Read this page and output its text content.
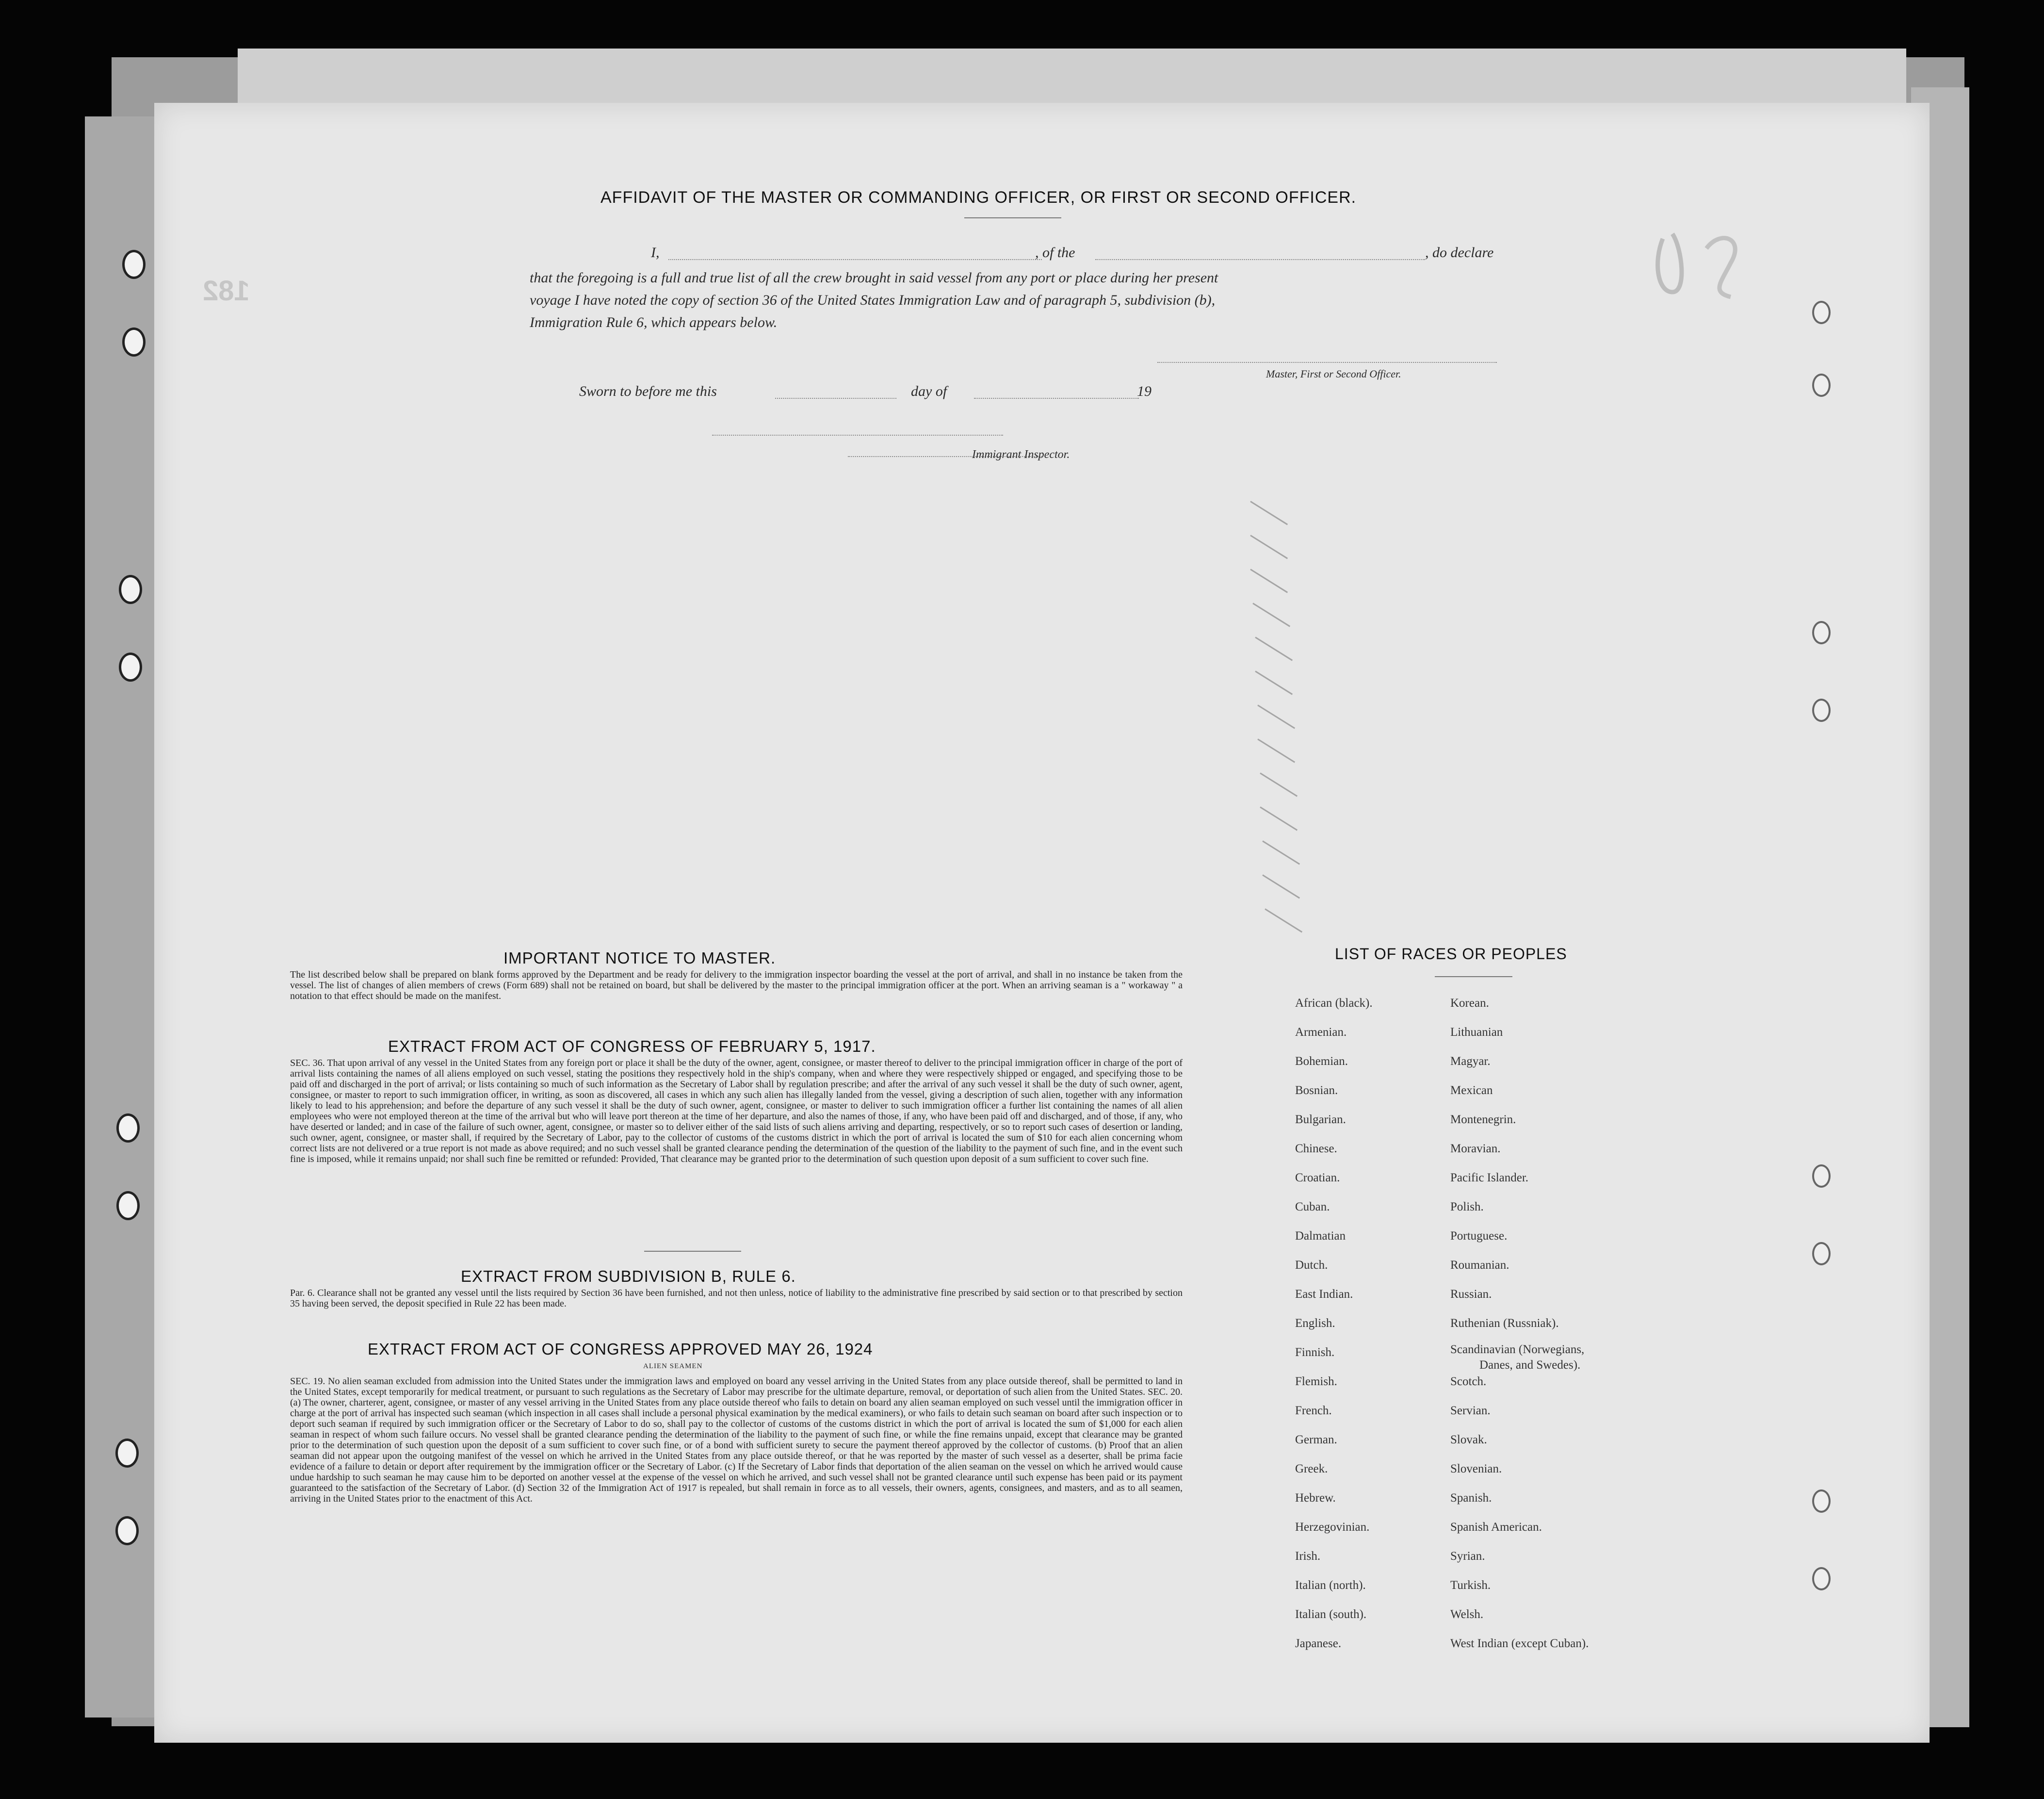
182
AFFIDAVIT OF THE MASTER OR COMMANDING OFFICER, OR FIRST OR SECOND OFFICER.
I,	, of the	, do declare
that the foregoing is a full and true list of all the crew brought in said vessel from any port or place during her present
voyage I have noted the copy of section 36 of the United States Immigration Law and of paragraph 5, subdivision (b),
Immigration Rule 6, which appears below.
Master, First or Second Officer.
Sworn to before me this	day of	19
Immigrant Inspector.
IMPORTANT NOTICE TO MASTER.
The list described below shall be prepared on blank forms approved by the Department and be ready for delivery to the immigration inspector boarding the vessel at the port of arrival, and shall in no instance be taken from the vessel. The list of changes of alien members of crews (Form 689) shall not be retained on board, but shall be delivered by the master to the principal immigration officer at the port. When an arriving seaman is a " workaway " a notation to that effect should be made on the manifest.
EXTRACT FROM ACT OF CONGRESS OF FEBRUARY 5, 1917.
SEC. 36. That upon arrival of any vessel in the United States from any foreign port or place it shall be the duty of the owner, agent, consignee, or master thereof to deliver to the principal immigration officer in charge of the port of arrival lists containing the names of all aliens employed on such vessel, stating the positions they respectively hold in the ship's company, when and where they were respectively shipped or engaged, and specifying those to be paid off and discharged in the port of arrival; or lists containing so much of such information as the Secretary of Labor shall by regulation prescribe; and after the arrival of any such vessel it shall be the duty of such owner, agent, consignee, or master to report to such immigration officer, in writing, as soon as discovered, all cases in which any such alien has illegally landed from the vessel, giving a description of such alien, together with any information likely to lead to his apprehension; and before the departure of any such vessel it shall be the duty of such owner, agent, consignee, or master to deliver to such immigration officer a further list containing the names of all alien employees who were not employed thereon at the time of the arrival but who will leave port thereon at the time of her departure, and also the names of those, if any, who have been paid off and discharged, and of those, if any, who have deserted or landed; and in case of the failure of such owner, agent, consignee, or master so to deliver either of the said lists of such aliens arriving and departing, respectively, or so to report such cases of desertion or landing, such owner, agent, consignee, or master shall, if required by the Secretary of Labor, pay to the collector of customs of the customs district in which the port of arrival is located the sum of $10 for each alien concerning whom correct lists are not delivered or a true report is not made as above required; and no such vessel shall be granted clearance pending the determination of the question of the liability to the payment of such fine, and in the event such fine is imposed, while it remains unpaid; nor shall such fine be remitted or refunded: Provided, That clearance may be granted prior to the determination of such question upon deposit of a sum sufficient to cover such fine.
EXTRACT FROM SUBDIVISION B, RULE 6.
Par. 6. Clearance shall not be granted any vessel until the lists required by Section 36 have been furnished, and not then unless, notice of liability to the administrative fine prescribed by said section or to that prescribed by section 35 having been served, the deposit specified in Rule 22 has been made.
EXTRACT FROM ACT OF CONGRESS APPROVED MAY 26, 1924
ALIEN SEAMEN
SEC. 19. No alien seaman excluded from admission into the United States under the immigration laws and employed on board any vessel arriving in the United States from any place outside thereof, shall be permitted to land in the United States, except temporarily for medical treatment, or pursuant to such regulations as the Secretary of Labor may prescribe for the ultimate departure, removal, or deportation of such alien from the United States. SEC. 20. (a) The owner, charterer, agent, consignee, or master of any vessel arriving in the United States from any place outside thereof who fails to detain on board any alien seaman employed on such vessel until the immigration officer in charge at the port of arrival has inspected such seaman (which inspection in all cases shall include a personal physical examination by the medical examiners), or who fails to detain such seaman on board after such inspection or to deport such seaman if required by such immigration officer or the Secretary of Labor to do so, shall pay to the collector of customs of the customs district in which the port of arrival is located the sum of $1,000 for each alien seaman in respect of whom such failure occurs. No vessel shall be granted clearance pending the determination of the liability to the payment of such fine, or while the fine remains unpaid, except that clearance may be granted prior to the determination of such question upon the deposit of a sum sufficient to cover such fine, or of a bond with sufficient surety to secure the payment thereof approved by the collector of customs. (b) Proof that an alien seaman did not appear upon the outgoing manifest of the vessel on which he arrived in the United States from any place outside thereof, or that he was reported by the master of such vessel as a deserter, shall be prima facie evidence of a failure to detain or deport after requirement by the immigration officer or the Secretary of Labor. (c) If the Secretary of Labor finds that deportation of the alien seaman on the vessel on which he arrived would cause undue hardship to such seaman he may cause him to be deported on another vessel at the expense of the vessel on which he arrived, and such vessel shall not be granted clearance until such expense has been paid or its payment guaranteed to the satisfaction of the Secretary of Labor. (d) Section 32 of the Immigration Act of 1917 is repealed, but shall remain in force as to all vessels, their owners, agents, consignees, and masters, and as to all seamen, arriving in the United States prior to the enactment of this Act.
LIST OF RACES OR PEOPLES
African (black).
Armenian.
Bohemian.
Bosnian.
Bulgarian.
Chinese.
Croatian.
Cuban.
Dalmatian
Dutch.
East Indian.
English.
Finnish.
Flemish.
French.
German.
Greek.
Hebrew.
Herzegovinian.
Irish.
Italian (north).
Italian (south).
Japanese.
Korean.
Lithuanian
Magyar.
Mexican
Montenegrin.
Moravian.
Pacific Islander.
Polish.
Portuguese.
Roumanian.
Russian.
Ruthenian (Russniak).
Scandinavian (Norwegians,
Danes, and Swedes).
Scotch.
Servian.
Slovak.
Slovenian.
Spanish.
Spanish American.
Syrian.
Turkish.
Welsh.
West Indian (except Cuban).
